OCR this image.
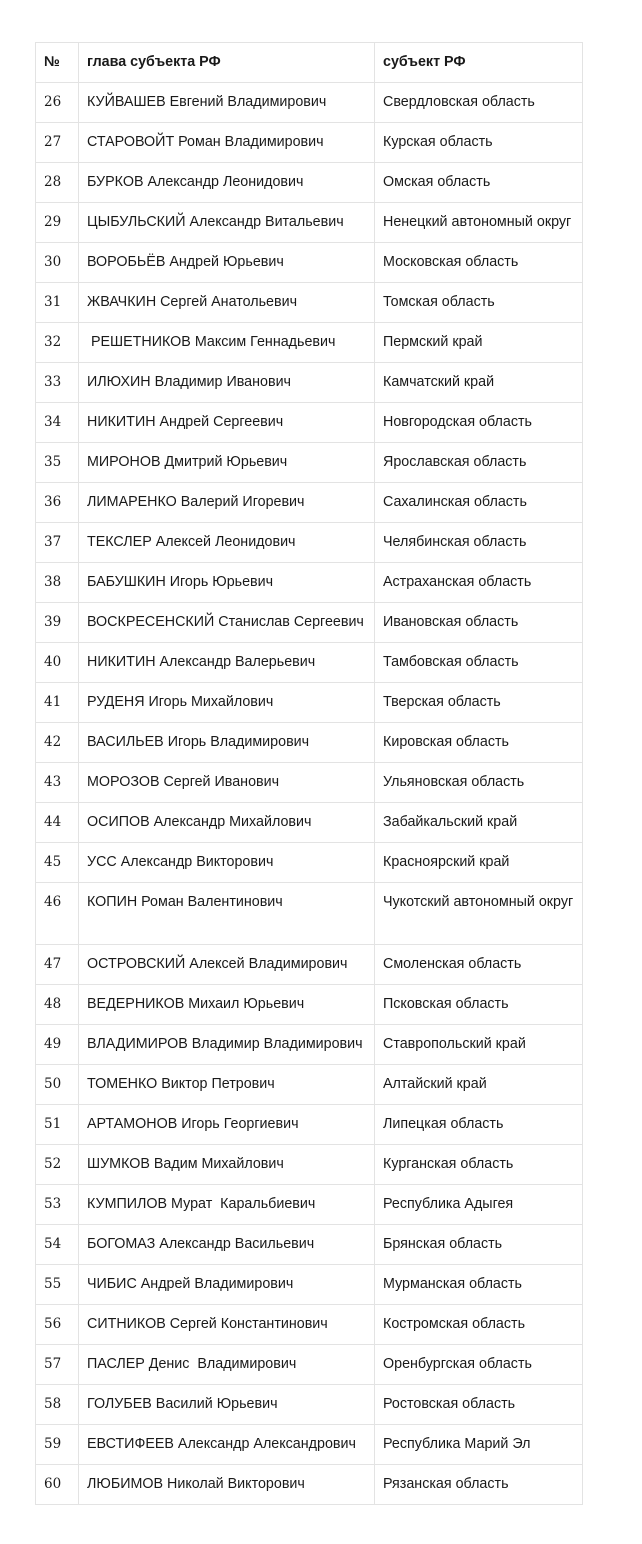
№	глава субъекта РФ	субъект РФ
26	КУЙВАШЕВ Евгений Владимирович	Свердловская область
27	СТАРОВОЙТ Роман Владимирович	Курская область
28	БУРКОВ Александр Леонидович	Омская область
29	ЦЫБУЛЬСКИЙ Александр Витальевич	Ненецкий автономный округ
30	ВОРОБЬЁВ Андрей Юрьевич	Московская область
31	ЖВАЧКИН Сергей Анатольевич	Томская область
32	РЕШЕТНИКОВ Максим Геннадьевич	Пермский край
33	ИЛЮХИН Владимир Иванович	Камчатский край
34	НИКИТИН Андрей Сергеевич	Новгородская область
35	МИРОНОВ Дмитрий Юрьевич	Ярославская область
36	ЛИМАРЕНКО Валерий Игоревич	Сахалинская область
37	ТЕКСЛЕР Алексей Леонидович	Челябинская область
38	БАБУШКИН Игорь Юрьевич	Астраханская область
39	ВОСКРЕСЕНСКИЙ Станислав Сергеевич	Ивановская область
40	НИКИТИН Александр Валерьевич	Тамбовская область
41	РУДЕНЯ Игорь Михайлович	Тверская область
42	ВАСИЛЬЕВ Игорь Владимирович	Кировская область
43	МОРОЗОВ Сергей Иванович	Ульяновская область
44	ОСИПОВ Александр Михайлович	Забайкальский край
45	УСС Александр Викторович	Красноярский край
46	КОПИН Роман Валентинович	Чукотский автономный округ
47	ОСТРОВСКИЙ Алексей Владимирович	Смоленская область
48	ВЕДЕРНИКОВ Михаил Юрьевич	Псковская область
49	ВЛАДИМИРОВ Владимир Владимирович	Ставропольский край
50	ТОМЕНКО Виктор Петрович	Алтайский край
51	АРТАМОНОВ Игорь Георгиевич	Липецкая область
52	ШУМКОВ Вадим Михайлович	Курганская область
53	КУМПИЛОВ Мурат  Каральбиевич	Республика Адыгея
54	БОГОМАЗ Александр Васильевич	Брянская область
55	ЧИБИС Андрей Владимирович	Мурманская область
56	СИТНИКОВ Сергей Константинович	Костромская область
57	ПАСЛЕР Денис  Владимирович	Оренбургская область
58	ГОЛУБЕВ Василий Юрьевич	Ростовская область
59	ЕВСТИФЕЕВ Александр Александрович	Республика Марий Эл
60	ЛЮБИМОВ Николай Викторович	Рязанская область
